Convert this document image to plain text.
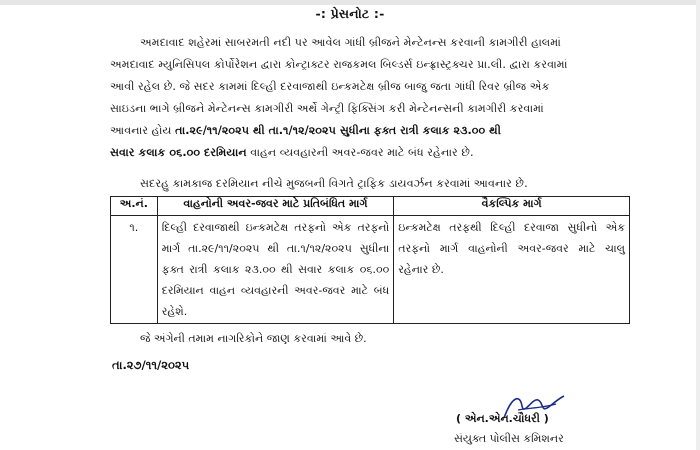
-: પ્રેસનોટ :-
અમદાવાદ શહેરમાં સાબરમતી નદી પર આવેલ ગાંધી બ્રીજને મેન્ટેનન્સ કરવાની કામગીરી હાલમાં
અમદાવાદ મ્યુનિસિપલ કોર્પોરેશન દ્વારા કોન્ટ્રાક્ટર રાજકમલ બિલ્ડર્સ ઇન્ફ્રાસ્ટ્રક્ચર પ્રા.લી. દ્વારા કરવામાં
આવી રહેલ છે. જે સદર કામમાં દિલ્હી દરવાજાથી ઇન્કમટેક્ષ બ્રીજ બાજુ જતા ગાંધી રિવર બ્રીજ એક
સાઇડના ભાગે બ્રીજને મેન્ટેનન્સ કામગીરી અર્થે ગેન્ટ્રી ફિક્સિંગ કરી મેન્ટેનન્સની કામગીરી કરવામાં
આવનાર હોય તા.૨૯/૧૧/૨૦૨૫ થી તા.૧/૧૨/૨૦૨૫ સુધીના ફક્ત રાત્રી કલાક ૨૩.૦૦ થી
સવાર કલાક ૦૬.૦૦ દરમિયાન વાહન વ્યવહારની અવર-જવર માટે બંધ રહેનાર છે.
સદરહુ કામકાજ દરમિયાન નીચે મુજબની વિગતે ટ્રાફિક ડાયવર્ઝન કરવામાં આવનાર છે.
અ.નં.	વાહનોની અવર-જવર માટે પ્રતિબંધિત માર્ગ	વૈકલ્પિક માર્ગ
૧.	દિલ્હી દરવાજાથી ઇન્કમટેક્ષ તરફનો એક તરફનો માર્ગ તા.૨૯/૧૧/૨૦૨૫ થી તા.૧/૧૨/૨૦૨૫ સુધીના ફક્ત રાત્રી કલાક ૨૩.૦૦ થી સવાર કલાક ૦૬.૦૦ દરમિયાન વાહન વ્યવહારની અવર-જવર માટે બંધ રહેશે.	ઇન્કમટેક્ષ તરફથી દિલ્હી દરવાજા સુધીનો એક તરફનો માર્ગ વાહનોની અવર-જવર માટે ચાલુ રહેનાર છે.
જે અંગેની તમામ નાગરિકોને જાણ કરવામાં આવે છે.
તા.૨૭/૧૧/૨૦૨૫
( એન.એન.ચૌધરી )
સંયુક્ત પોલીસ કમિશનર
